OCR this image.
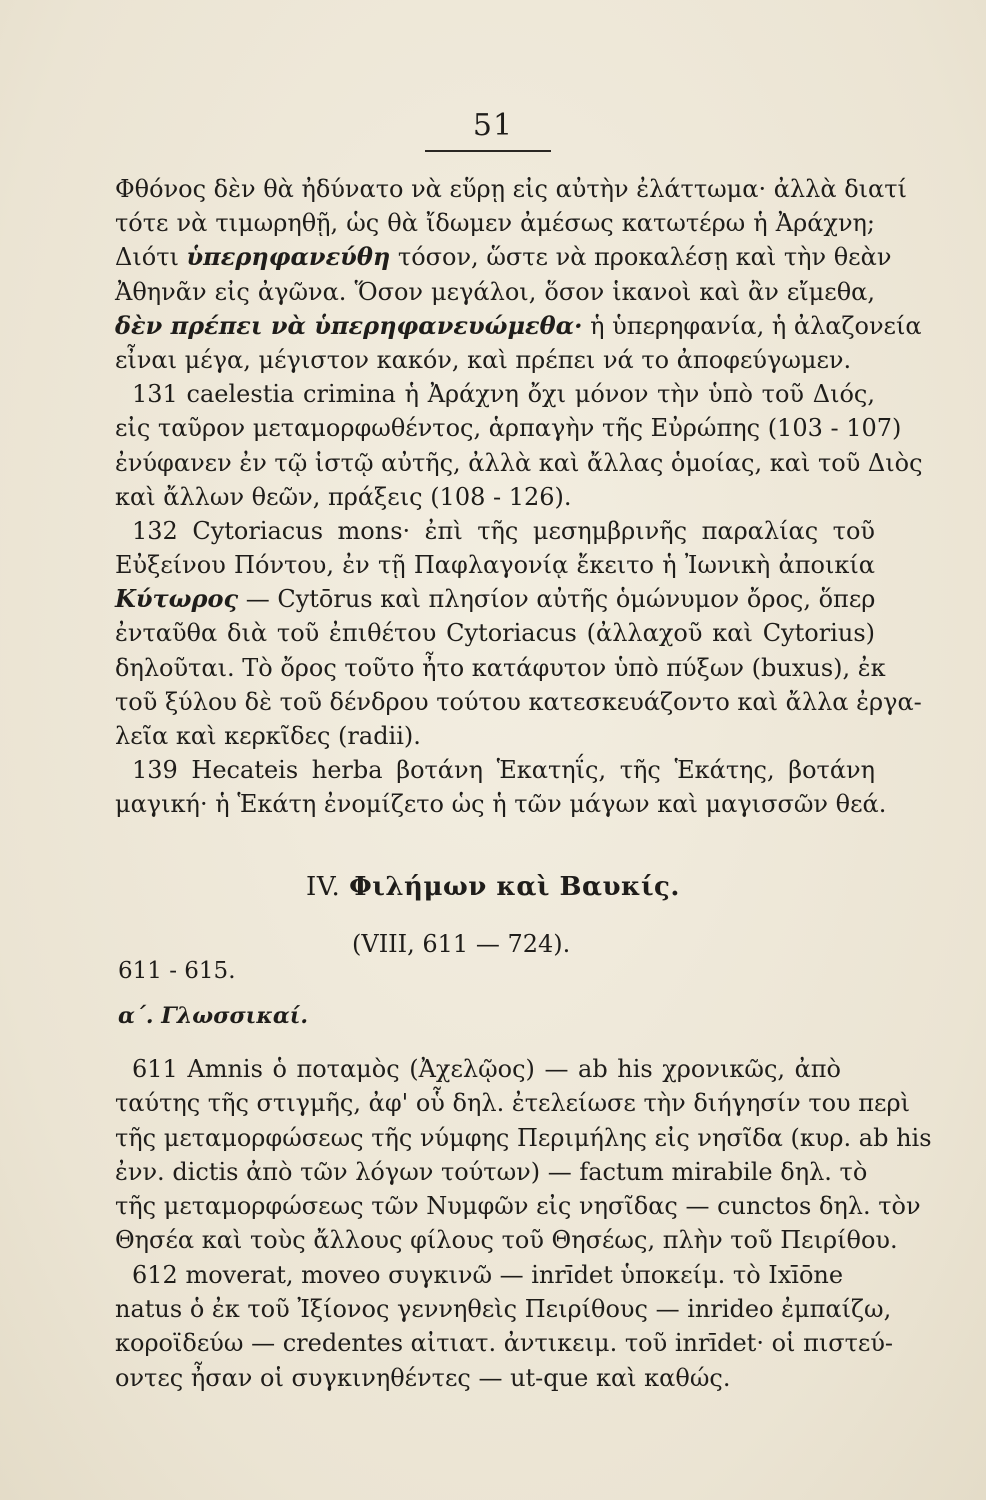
51
Φθόνος δὲν θὰ ἠδύνατο νὰ εὕρῃ εἰς αὐτὴν ἐλάττωμα· ἀλλὰ διατί
τότε νὰ τιμωρηθῇ, ὡς θὰ ἴδωμεν ἀμέσως κατωτέρω ἡ Ἀράχνη;
Διότι ὑπερηφανεύθη τόσον, ὥστε νὰ προκαλέσῃ καὶ τὴν θεὰν
Ἀθηνᾶν εἰς ἀγῶνα. Ὅσον μεγάλοι, ὅσον ἱκανοὶ καὶ ἂν εἴμεθα,
δὲν πρέπει νὰ ὑπερηφανευώμεθα· ἡ ὑπερηφανία, ἡ ἀλαζονεία
εἶναι μέγα, μέγιστον κακόν, καὶ πρέπει νά το ἀποφεύγωμεν.
131 caelestia crimina ἡ Ἀράχνη ὄχι μόνον τὴν ὑπὸ τοῦ Διός,
εἰς ταῦρον μεταμορφωθέντος, ἁρπαγὴν τῆς Εὐρώπης (103 - 107)
ἐνύφανεν ἐν τῷ ἱστῷ αὐτῆς, ἀλλὰ καὶ ἄλλας ὁμοίας, καὶ τοῦ Διὸς
καὶ ἄλλων θεῶν, πράξεις (108 - 126).
132 Cytoriacus mons· ἐπὶ τῆς μεσημβρινῆς παραλίας τοῦ
Εὐξείνου Πόντου, ἐν τῇ Παφλαγονίᾳ ἔκειτο ἡ Ἰωνικὴ ἀποικία
Κύτωρος — Cytōrus καὶ πλησίον αὐτῆς ὁμώνυμον ὄρος, ὅπερ
ἐνταῦθα διὰ τοῦ ἐπιθέτου Cytoriacus (ἀλλαχοῦ καὶ Cytorius)
δηλοῦται. Τὸ ὄρος τοῦτο ἦτο κατάφυτον ὑπὸ πύξων (buxus), ἐκ
τοῦ ξύλου δὲ τοῦ δένδρου τούτου κατεσκευάζοντο καὶ ἄλλα ἐργα-
λεῖα καὶ κερκῖδες (radii).
139 Hecateis herba βοτάνη Ἑκατηΐς, τῆς Ἑκάτης, βοτάνη
μαγική· ἡ Ἑκάτη ἐνομίζετο ὡς ἡ τῶν μάγων καὶ μαγισσῶν θεά.
IV. Φιλήμων καὶ Βαυκίς.
(VIII, 611 — 724).
611 - 615.
α΄. Γλωσσικαί.
611 Amnis ὁ ποταμὸς (Ἀχελῷος) — ab his χρονικῶς, ἀπὸ
ταύτης τῆς στιγμῆς, ἀφ' οὗ δηλ. ἐτελείωσε τὴν διήγησίν του περὶ
τῆς μεταμορφώσεως τῆς νύμφης Περιμήλης εἰς νησῖδα (κυρ. ab his
ἐνν. dictis ἀπὸ τῶν λόγων τούτων) — factum mirabile δηλ. τὸ
τῆς μεταμορφώσεως τῶν Νυμφῶν εἰς νησῖδας — cunctos δηλ. τὸν
Θησέα καὶ τοὺς ἄλλους φίλους τοῦ Θησέως, πλὴν τοῦ Πειρίθου.
612 moverat, moveo συγκινῶ — inrīdet ὑποκείμ. τὸ Ixīōne
natus ὁ ἐκ τοῦ Ἰξίονος γεννηθεὶς Πειρίθους — inrideo ἐμπαίζω,
κοροϊδεύω — credentes αἰτιατ. ἀντικειμ. τοῦ inrīdet· οἱ πιστεύ-
οντες ἦσαν οἱ συγκινηθέντες — ut-que καὶ καθώς.
